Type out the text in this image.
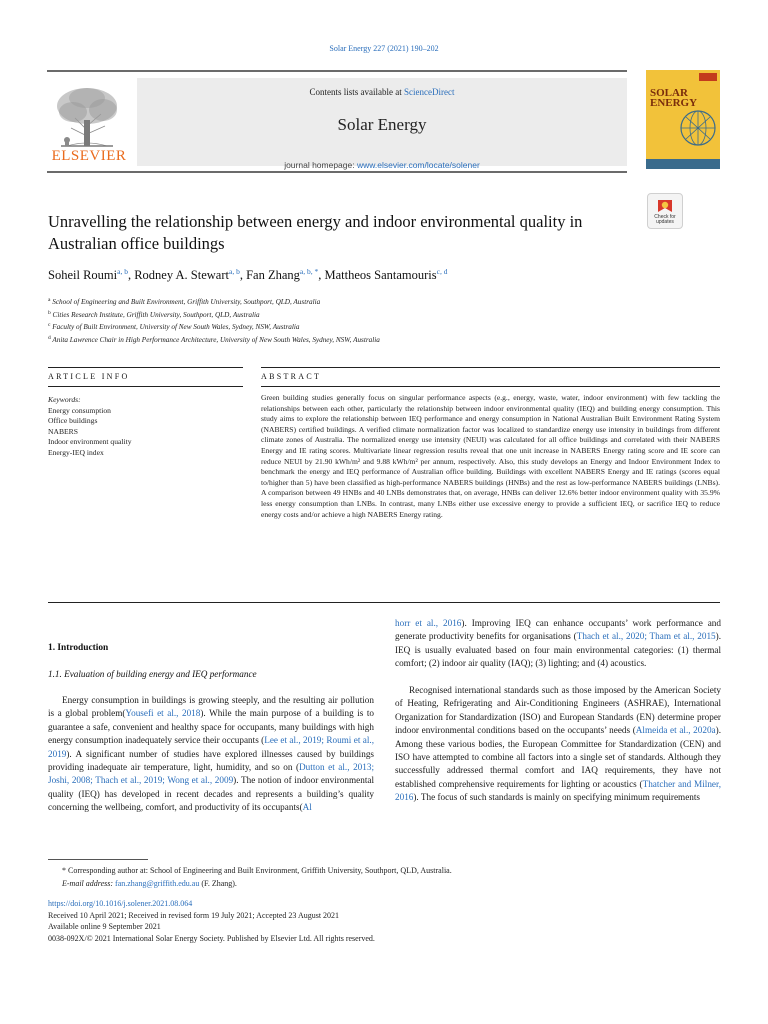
Solar Energy 227 (2021) 190–202
ELSEVIER
Contents lists available at ScienceDirect
Solar Energy
journal homepage: www.elsevier.com/locate/solener
SOLAR
ENERGY
Check for
updates
Unravelling the relationship between energy and indoor environmental quality in Australian office buildings
Soheil Roumi$^{a, b}$, Rodney A. Stewart$^{a, b}$, Fan Zhang$^{a, b, *}$, Mattheos Santamouris$^{c, d}$
$^a$ School of Engineering and Built Environment, Griffith University, Southport, QLD, Australia
$^b$ Cities Research Institute, Griffith University, Southport, QLD, Australia
$^c$ Faculty of Built Environment, University of New South Wales, Sydney, NSW, Australia
$^d$ Anita Lawrence Chair in High Performance Architecture, University of New South Wales, Sydney, NSW, Australia
ARTICLE INFO	ABSTRACT
Keywords:
Energy consumption
Office buildings
NABERS
Indoor environment quality
Energy-IEQ index

Green building studies generally focus on singular performance aspects (e.g., energy, waste, water, indoor environment) with few tackling the relationships between each other, particularly the relationship between indoor environmental quality (IEQ) and building energy consumption. This study aims to explore the relationship between IEQ performance and energy consumption in National Australian Built Environment Rating System (NABERS) certified buildings. A verified climate normalization factor was localized to standardize energy use intensity in buildings from different climate zones of Australia. The normalized energy use intensity (NEUI) was calculated for all office buildings and correlated with their NABERS Energy and IE rating scores. Multivariate linear regression results reveal that one unit increase in NABERS Energy rating score and IE score can reduce NEUI by 21.90 kWh/m² and 9.88 kWh/m² per annum, respectively. Also, this study develops an Energy and Indoor Environment Index to benchmark the energy and IEQ performance of Australian office building. Buildings with excellent NABERS Energy and IE ratings (scores equal to/higher than 5) have been classified as high-performance NABERS buildings (HNBs) and the rest as low-performance NABERS buildings (LNBs). A comparison between 49 HNBs and 40 LNBs demonstrates that, on average, HNBs can deliver 12.6% better indoor environment quality with 35.9% less energy consumption than LNBs. In contrast, many LNBs either use excessive energy to provide a sufficient IEQ, or sacrifice IEQ to reduce energy costs and/or achieve a high NABERS Energy rating.

1. Introduction
1.1. Evaluation of building energy and IEQ performance

Energy consumption in buildings is growing steeply, and the resulting air pollution is a global problem(Yousefi et al., 2018). While the main purpose of a building is to guarantee a safe, convenient and healthy space for occupants, many buildings with high energy consumption inadequately service their occupants (Lee et al., 2019; Roumi et al., 2019). A significant number of studies have explored illnesses caused by buildings providing inadequate air temperature, light, humidity, and so on (Dutton et al., 2013; Joshi, 2008; Thach et al., 2019; Wong et al., 2009). The notion of indoor environmental quality (IEQ) has developed in recent decades and represents a building’s quality concerning the wellbeing, comfort, and productivity of its occupants(Al

horr et al., 2016). Improving IEQ can enhance occupants’ work performance and generate productivity benefits for organisations (Thach et al., 2020; Tham et al., 2015). IEQ is usually evaluated based on four main environmental categories: (1) thermal comfort; (2) indoor air quality (IAQ); (3) lighting; and (4) acoustics.

Recognised international standards such as those imposed by the American Society of Heating, Refrigerating and Air-Conditioning Engineers (ASHRAE), International Organization for Standardization (ISO) and European Standards (EN) determine proper indoor environmental conditions based on the occupants’ needs (Almeida et al., 2020a). Among these various bodies, the European Committee for Standardization (CEN) and ISO have attempted to combine all factors into a single set of standards. Although they successfully addressed thermal comfort and IAQ requirements, they have not established comprehensive requirements for lighting or acoustics (Thatcher and Milner, 2016). The focus of such standards is mainly on specifying minimum requirements

* Corresponding author at: School of Engineering and Built Environment, Griffith University, Southport, QLD, Australia.
E-mail address: fan.zhang@griffith.edu.au (F. Zhang).
https://doi.org/10.1016/j.solener.2021.08.064
Received 10 April 2021; Received in revised form 19 July 2021; Accepted 23 August 2021
Available online 9 September 2021
0038-092X/© 2021 International Solar Energy Society. Published by Elsevier Ltd. All rights reserved.
